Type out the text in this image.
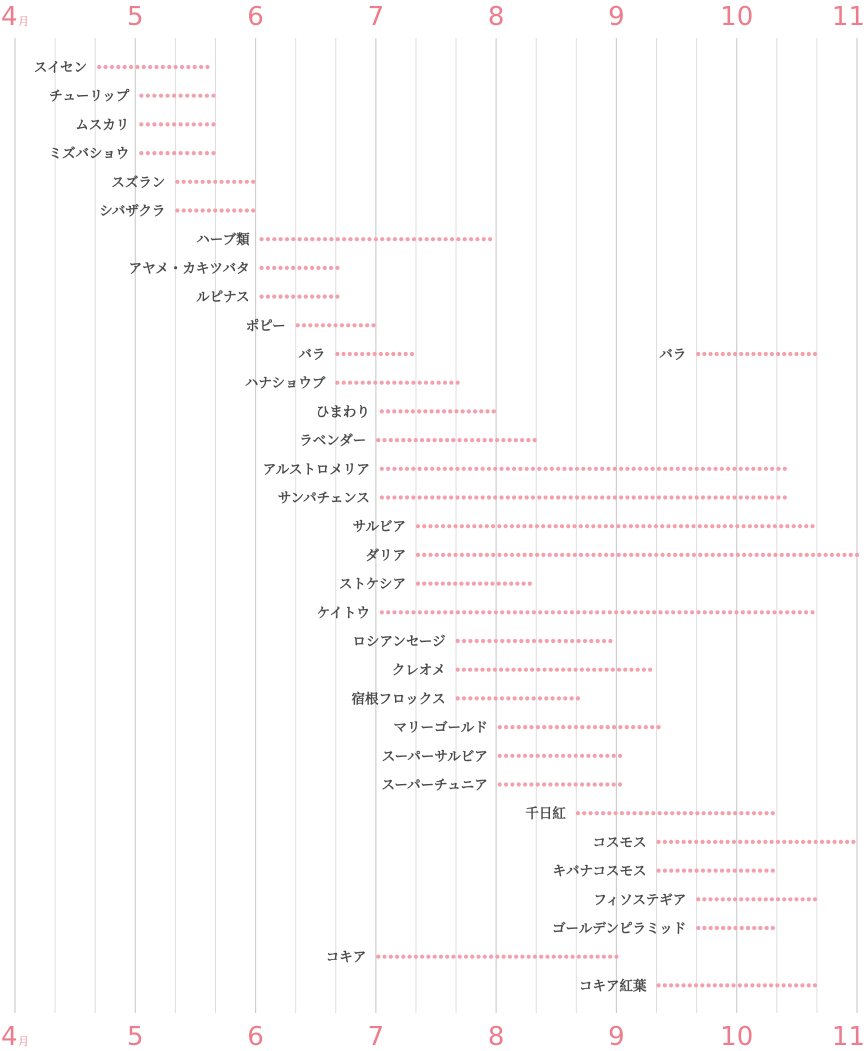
4 月	5	6	7	8	9	10	11
4 月	5	6	7	8	9	10	11
スイセン
チューリップ
ムスカリ
ミズバショウ
スズラン
シバザクラ
ハーブ類
アヤメ・カキツバタ
ルピナス
ポピー
バラ	バラ
ハナショウブ
ひまわり
ラベンダー
アルストロメリア
サンパチェンス
サルビア
ダリア
ストケシア
ケイトウ
ロシアンセージ
クレオメ
宿根フロックス
マリーゴールド
スーパーサルビア
スーパーチュニア
千日紅
コスモス
キバナコスモス
フィソステギア
ゴールデンピラミッド
コキア
コキア紅葉
